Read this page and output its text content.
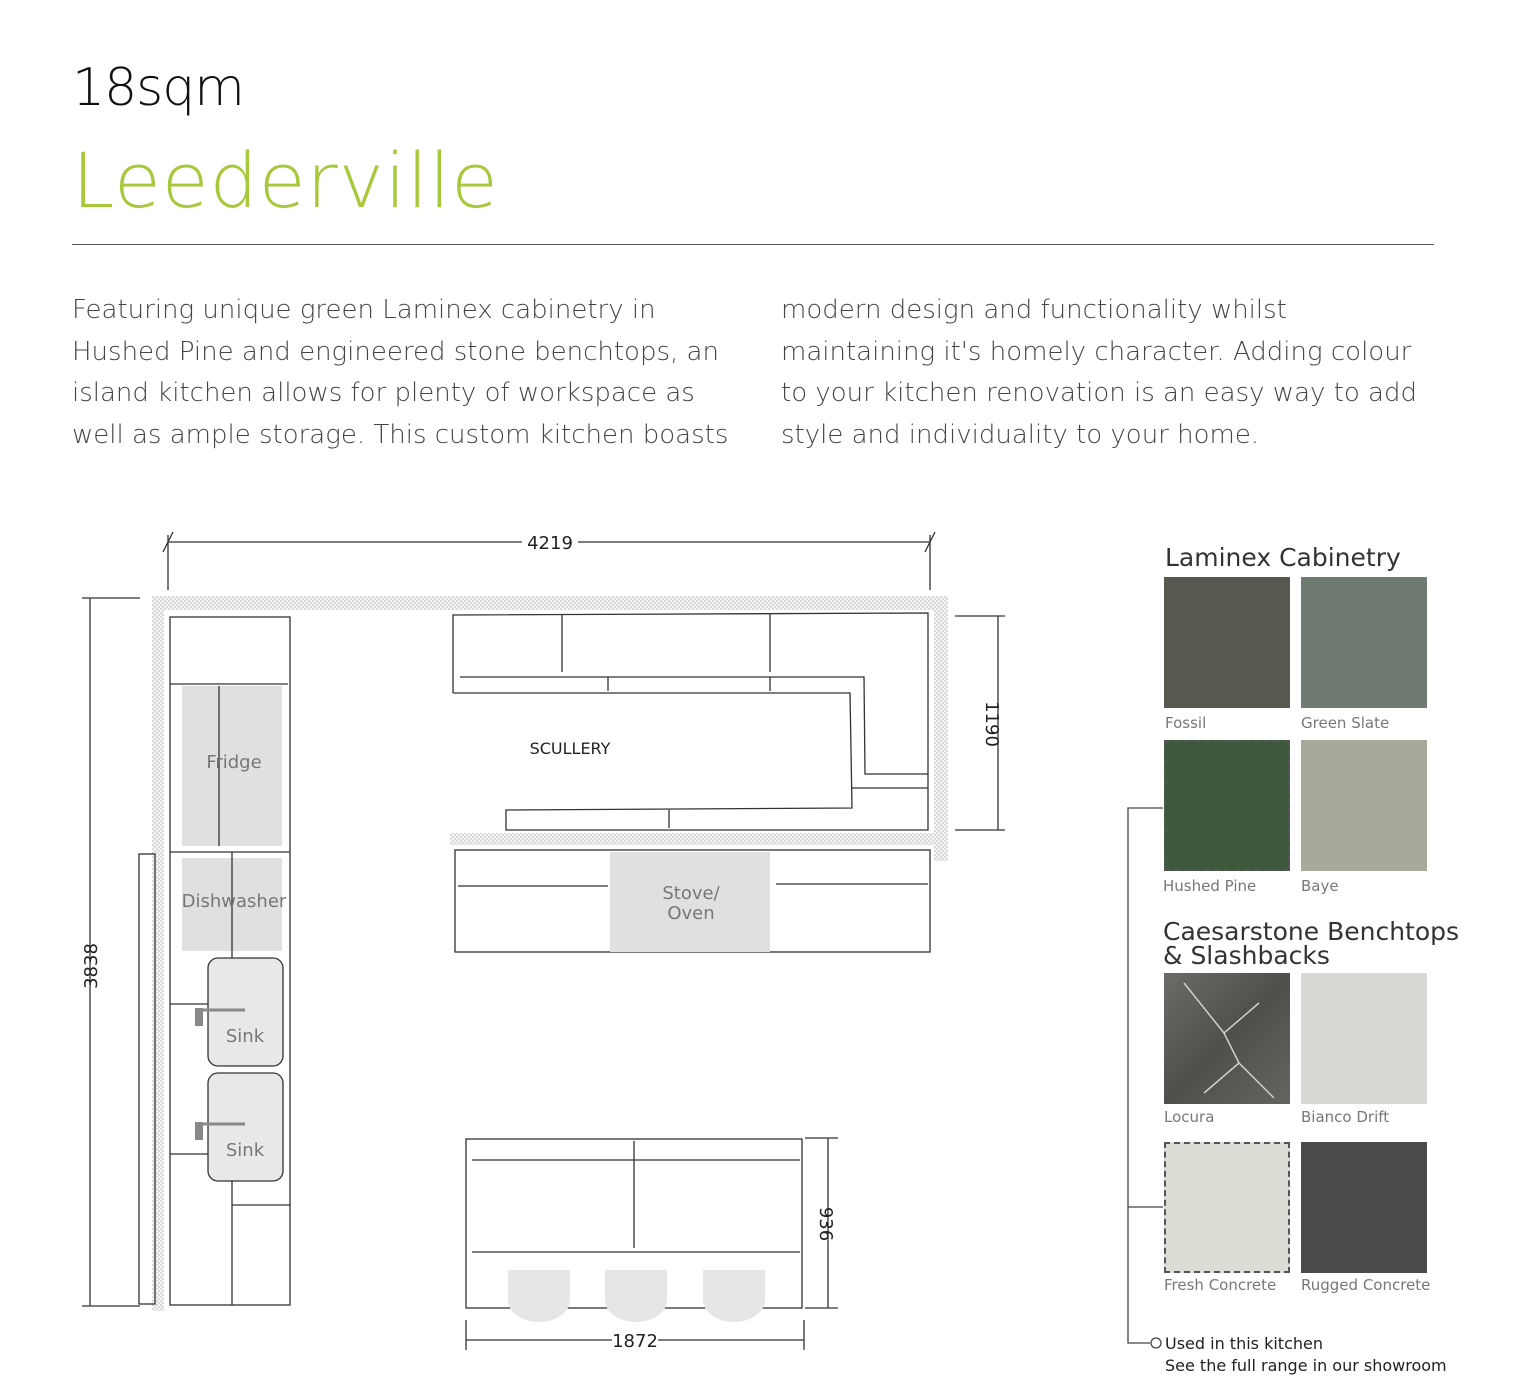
18sqm
Leederville
Featuring unique green Laminex cabinetry in Hushed Pine and engineered stone benchtops, an island kitchen allows for plenty of workspace as well as ample storage. This custom kitchen boasts
modern design and functionality whilst maintaining it's homely character. Adding colour to your kitchen renovation is an easy way to add style and individuality to your home.
4219
3838
1190
936
1872
SCULLERY
Fridge
Dishwasher
Sink
Sink
Stove/
Oven
Laminex Cabinetry
Fossil	Green Slate
Hushed Pine	Baye
Caesarstone Benchtops
& Slashbacks
Locura	Bianco Drift
Fresh Concrete Rugged Concrete
Used in this kitchen
See the full range in our showroom
